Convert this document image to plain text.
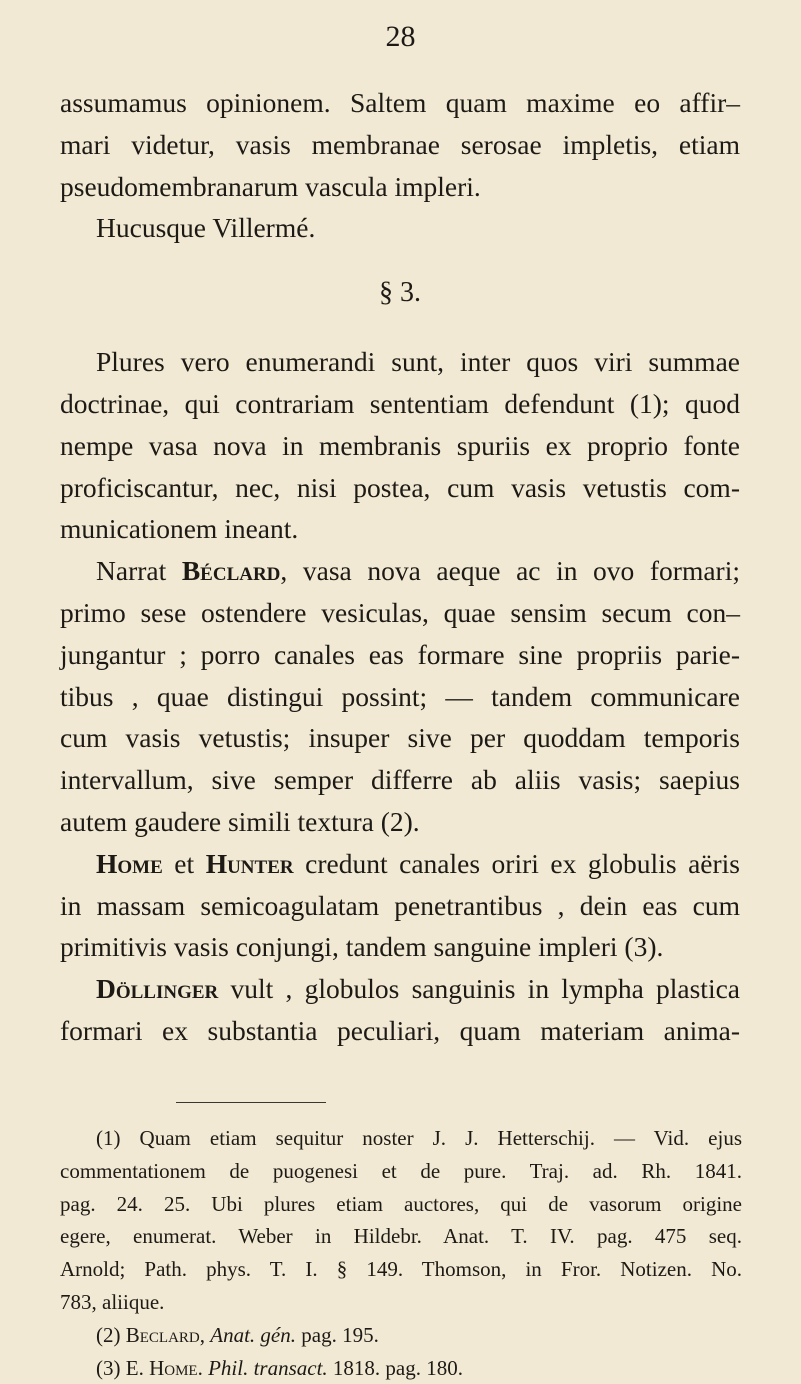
28
assumamus opinionem. Saltem quam maxime eo affir–
mari videtur, vasis membranae serosae impletis, etiam
pseudomembranarum vascula impleri.
Hucusque Villermé.
§ 3.
Plures vero enumerandi sunt, inter quos viri summae
doctrinae, qui contrariam sententiam defendunt (1); quod
nempe vasa nova in membranis spuriis ex proprio fonte
proficiscantur, nec, nisi postea, cum vasis vetustis com-
municationem ineant.
Narrat Béclard, vasa nova aeque ac in ovo formari;
primo sese ostendere vesiculas, quae sensim secum con–
jungantur ; porro canales eas formare sine propriis parie-
tibus , quae distingui possint; — tandem communicare
cum vasis vetustis; insuper sive per quoddam temporis
intervallum, sive semper differre ab aliis vasis; saepius
autem gaudere simili textura (2).
Home et Hunter credunt canales oriri ex globulis aëris
in massam semicoagulatam penetrantibus , dein eas cum
primitivis vasis conjungi, tandem sanguine impleri (3).
Döllinger vult , globulos sanguinis in lympha plastica
formari ex substantia peculiari, quam materiam anima-
(1) Quam etiam sequitur noster J. J. Hetterschij. — Vid. ejus
commentationem de puogenesi et de pure. Traj. ad. Rh. 1841.
pag. 24. 25. Ubi plures etiam auctores, qui de vasorum origine
egere, enumerat. Weber in Hildebr. Anat. T. IV. pag. 475 seq.
Arnold; Path. phys. T. I. § 149. Thomson, in Fror. Notizen. No.
783, aliique.
(2) Beclard, Anat. gén. pag. 195.
(3) E. Home. Phil. transact. 1818. pag. 180.
